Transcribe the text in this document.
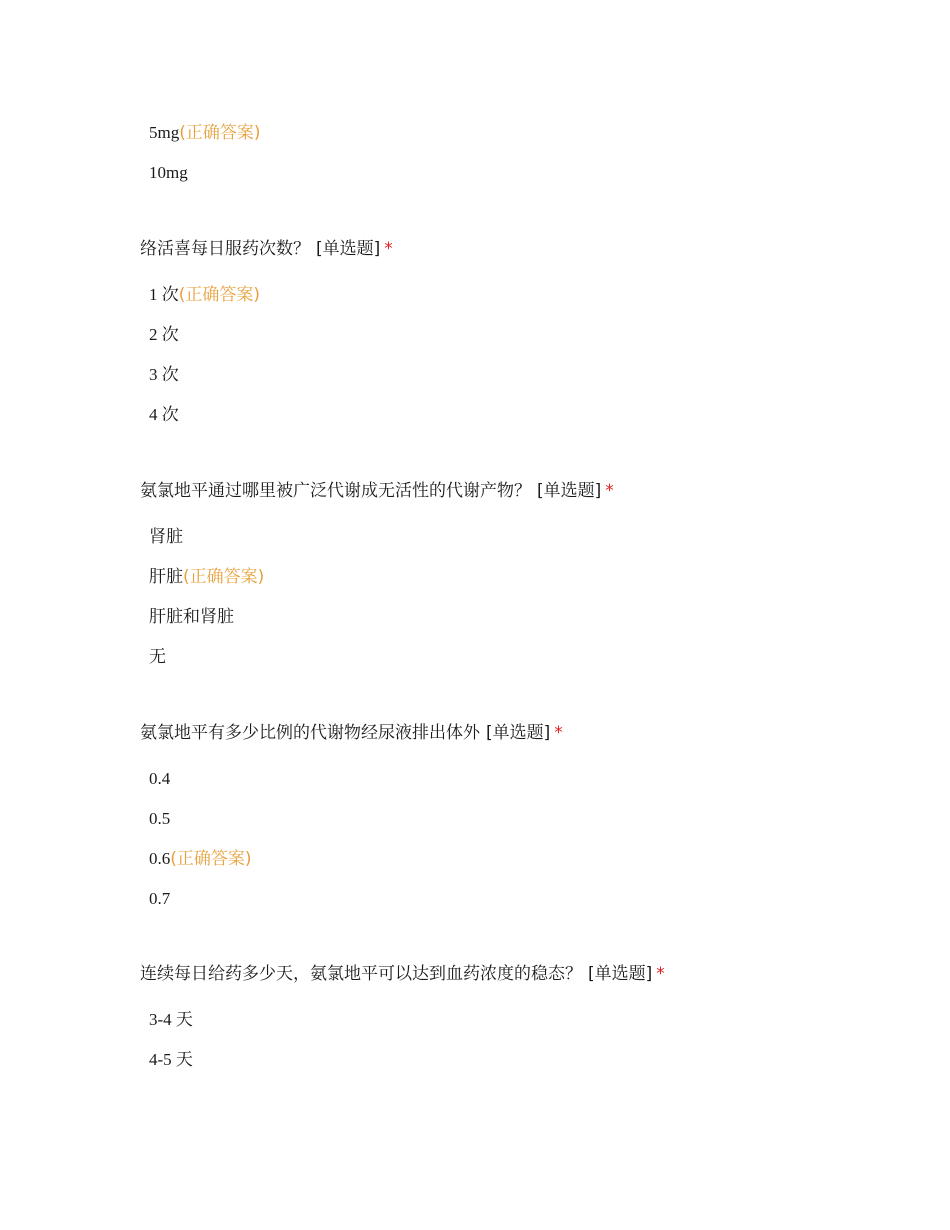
5mg(正确答案)
10mg
络活喜每日服药次数？ [单选题] *
1 次(正确答案)
2 次
3 次
4 次
氨氯地平通过哪里被广泛代谢成无活性的代谢产物？ [单选题] *
肾脏
肝脏(正确答案)
肝脏和肾脏
无
氨氯地平有多少比例的代谢物经尿液排出体外 [单选题] *
0.4
0.5
0.6(正确答案)
0.7
连续每日给药多少天，氨氯地平可以达到血药浓度的稳态？ [单选题] *
3-4 天
4-5 天
